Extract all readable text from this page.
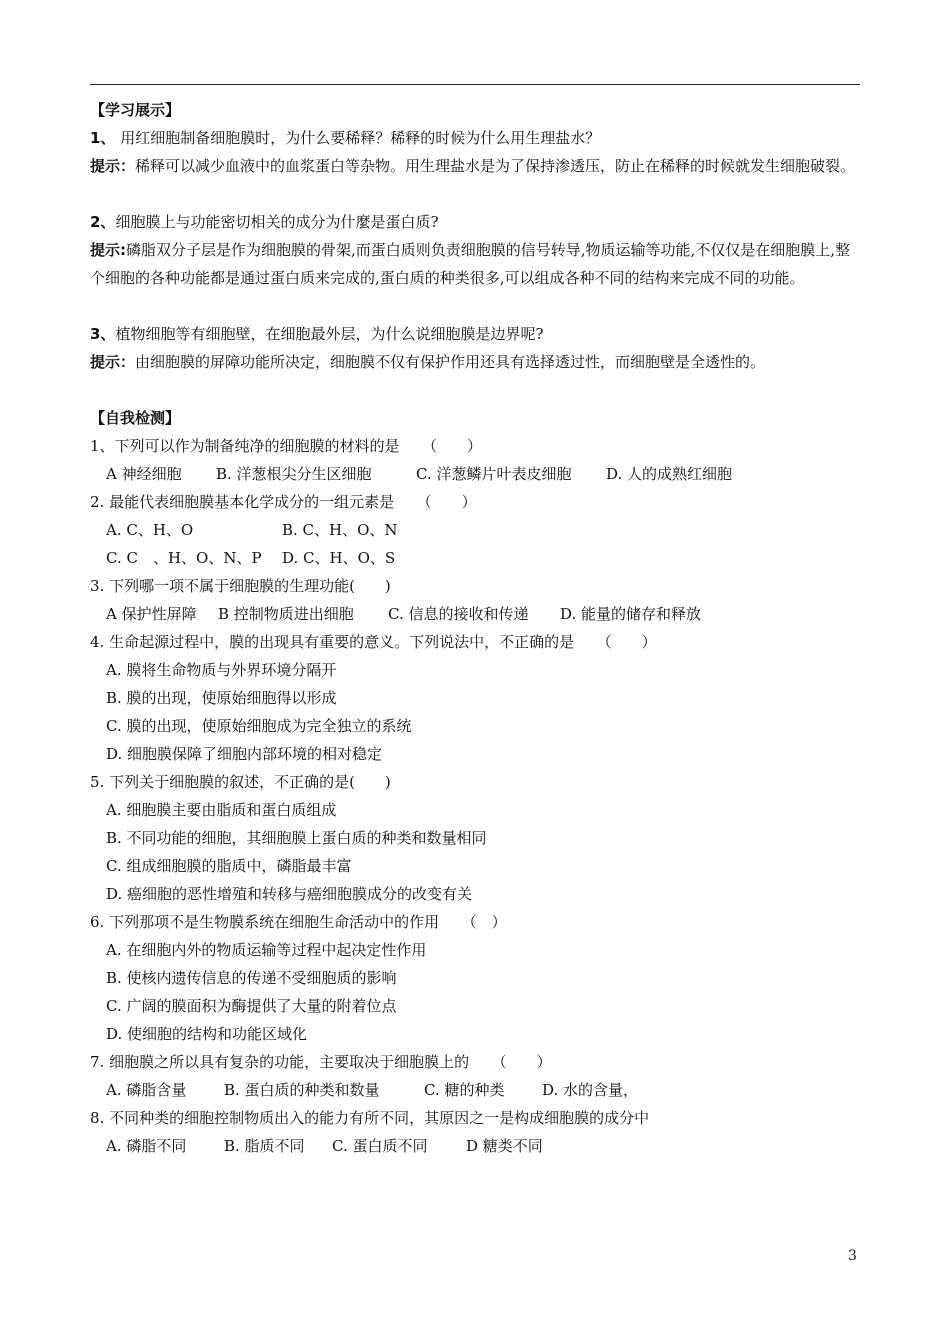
【学习展示】
1、 用红细胞制备细胞膜时，为什么要稀释？稀释的时候为什么用生理盐水？
提示：稀释可以减少血液中的血浆蛋白等杂物。用生理盐水是为了保持渗透压，防止在稀释的时候就发生细胞破裂。
2、细胞膜上与功能密切相关的成分为什麼是蛋白质?
提示:磷脂双分子层是作为细胞膜的骨架,而蛋白质则负责细胞膜的信号转导,物质运输等功能,不仅仅是在细胞膜上,整个细胞的各种功能都是通过蛋白质来完成的,蛋白质的种类很多,可以组成各种不同的结构来完成不同的功能。
3、植物细胞等有细胞壁，在细胞最外层，为什么说细胞膜是边界呢?
提示：由细胞膜的屏障功能所决定，细胞膜不仅有保护作用还具有选择透过性，而细胞壁是全透性的。
【自我检测】
1、下列可以作为制备纯净的细胞膜的材料的是　　（　　）
A 神经细胞 B. 洋葱根尖分生区细胞	C. 洋葱鳞片叶表皮细胞 D. 人的成熟红细胞
2. 最能代表细胞膜基本化学成分的一组元素是　　（　　）
A. C、H、O	B. C、H、O、N
C. C　、H、O、N、P D. C、H、O、S
3. 下列哪一项不属于细胞膜的生理功能(　　)
A 保护性屏障 B 控制物质进出细胞 C. 信息的接收和传递 D. 能量的储存和释放
4. 生命起源过程中，膜的出现具有重要的意义。下列说法中，不正确的是　　（　　）
A. 膜将生命物质与外界环境分隔开
B. 膜的出现，使原始细胞得以形成
C. 膜的出现，使原始细胞成为完全独立的系统
D. 细胞膜保障了细胞内部环境的相对稳定
5. 下列关于细胞膜的叙述，不正确的是(　　)
A. 细胞膜主要由脂质和蛋白质组成
B. 不同功能的细胞，其细胞膜上蛋白质的种类和数量相同
C. 组成细胞膜的脂质中，磷脂最丰富
D. 癌细胞的恶性增殖和转移与癌细胞膜成分的改变有关
6. 下列那项不是生物膜系统在细胞生命活动中的作用　　（　）
A. 在细胞内外的物质运输等过程中起决定性作用
B. 使核内遗传信息的传递不受细胞质的影响
C. 广阔的膜面积为酶提供了大量的附着位点
D. 使细胞的结构和功能区域化
7. 细胞膜之所以具有复杂的功能，主要取决于细胞膜上的　　（　　）
A. 磷脂含量	B. 蛋白质的种类和数量	C. 糖的种类	D. 水的含量，
8. 不同种类的细胞控制物质出入的能力有所不同，其原因之一是构成细胞膜的成分中
A. 磷脂不同	B. 脂质不同 C. 蛋白质不同	D 糖类不同
3
